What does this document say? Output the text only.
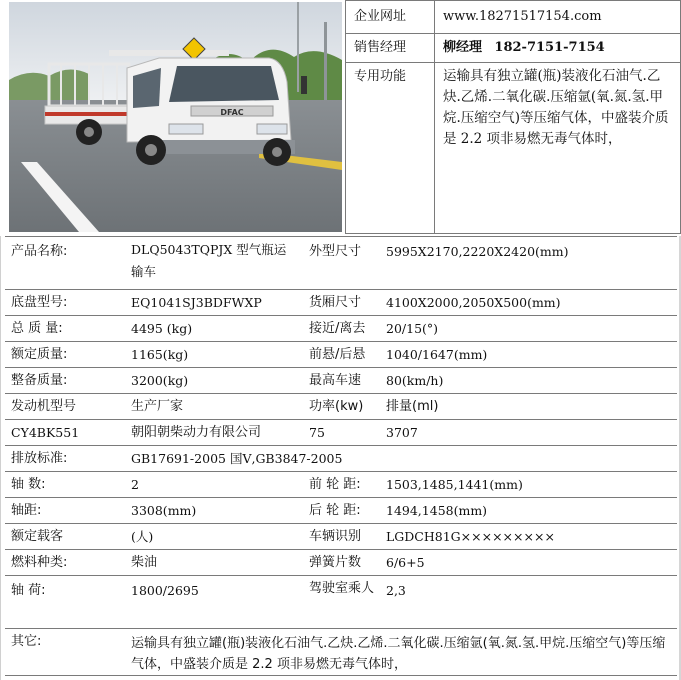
DFAC
企业网址	www.18271517154.com
销售经理	柳经理 182-7151-7154
专用功能	运输具有独立罐(瓶)装液化石油气.乙炔.乙烯.二氧化碳.压缩氩(氧.氮.氢.甲烷.压缩空气)等压缩气体，中盛装介质是 2.2 项非易燃无毒气体时，
产品名称:	DLQ5043TQPJX 型气瓶运输车	外型尺寸	5995X2170,2220X2420(mm)
底盘型号:	EQ1041SJ3BDFWXP	货厢尺寸	4100X2000,2050X500(mm)
总 质 量:	4495 (kg)	接近/离去	20/15(°)
额定质量:	1165(kg)	前悬/后悬	1040/1647(mm)
整备质量:	3200(kg)	最高车速	80(km/h)
发动机型号	生产厂家	功率(kw)	排量(ml)
CY4BK551	朝阳朝柴动力有限公司	75	3707
排放标准:	GB17691-2005 国Ⅴ,GB3847-2005		
轴 数:	2	前 轮 距:	1503,1485,1441(mm)
轴距:	3308(mm)	后 轮 距:	1494,1458(mm)
额定载客	(人)	车辆识别	LGDCH81G×××××××××
燃料种类:	柴油	弹簧片数	6/6+5
轴 荷:	1800/2695	驾驶室乘人	2,3
其它:	运输具有独立罐(瓶)装液化石油气.乙炔.乙烯.二氧化碳.压缩氩(氧.氮.氢.甲烷.压缩空气)等压缩气体，中盛装介质是 2.2 项非易燃无毒气体时，		
